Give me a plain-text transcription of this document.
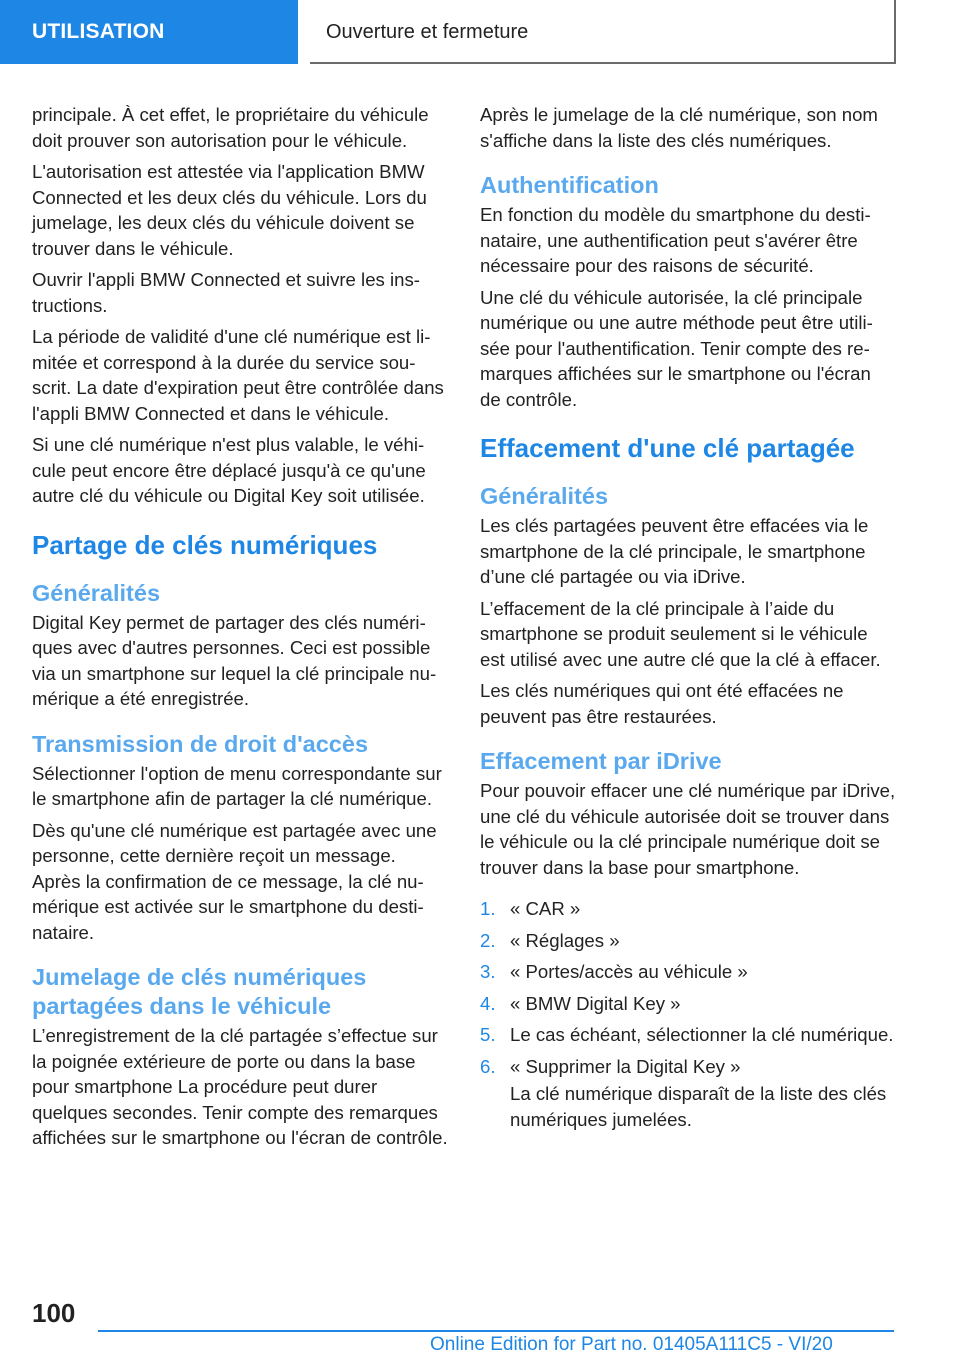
UTILISATION	Ouverture et fermeture

principale. À cet effet, le propriétaire du véhicule doit prouver son autorisation pour le véhicule.

L'autorisation est attestée via l'application BMW Connected et les deux clés du véhicule. Lors du jumelage, les deux clés du véhicule doivent se trouver dans le véhicule.

Ouvrir l'appli BMW Connected et suivre les instructions.

La période de validité d'une clé numérique est limitée et correspond à la durée du service souscrit. La date d'expiration peut être contrôlée dans l'appli BMW Connected et dans le véhicule.

Si une clé numérique n'est plus valable, le véhicule peut encore être déplacé jusqu'à ce qu'une autre clé du véhicule ou Digital Key soit utilisée.

Partage de clés numériques
Généralités

Digital Key permet de partager des clés numériques avec d'autres personnes. Ceci est possible via un smartphone sur lequel la clé principale numérique a été enregistrée.

Transmission de droit d'accès

Sélectionner l'option de menu correspondante sur le smartphone afin de partager la clé numérique.

Dès qu'une clé numérique est partagée avec une personne, cette dernière reçoit un message. Après la confirmation de ce message, la clé numérique est activée sur le smartphone du destinataire.

Jumelage de clés numériques partagées dans le véhicule

L’enregistrement de la clé partagée s’effectue sur la poignée extérieure de porte ou dans la base pour smartphone La procédure peut durer quelques secondes. Tenir compte des remarques affichées sur le smartphone ou l'écran de contrôle.

Après le jumelage de la clé numérique, son nom s'affiche dans la liste des clés numériques.

Authentification

En fonction du modèle du smartphone du destinataire, une authentification peut s'avérer être nécessaire pour des raisons de sécurité.

Une clé du véhicule autorisée, la clé principale numérique ou une autre méthode peut être utilisée pour l'authentification. Tenir compte des remarques affichées sur le smartphone ou l'écran de contrôle.

Effacement d'une clé partagée
Généralités

Les clés partagées peuvent être effacées via le smartphone de la clé principale, le smartphone d’une clé partagée ou via iDrive.

L’effacement de la clé principale à l’aide du smartphone se produit seulement si le véhicule est utilisé avec une autre clé que la clé à effacer.

Les clés numériques qui ont été effacées ne peuvent pas être restaurées.

Effacement par iDrive

Pour pouvoir effacer une clé numérique par iDrive, une clé du véhicule autorisée doit se trouver dans le véhicule ou la clé principale numérique doit se trouver dans la base pour smartphone.

1. « CAR »
2. « Réglages »
3. « Portes/accès au véhicule »
4. « BMW Digital Key »
5. Le cas échéant, sélectionner la clé numérique.
6. « Supprimer la Digital Key »
La clé numérique disparaît de la liste des clés numériques jumelées.
100
Online Edition for Part no. 01405A111C5 - VI/20
